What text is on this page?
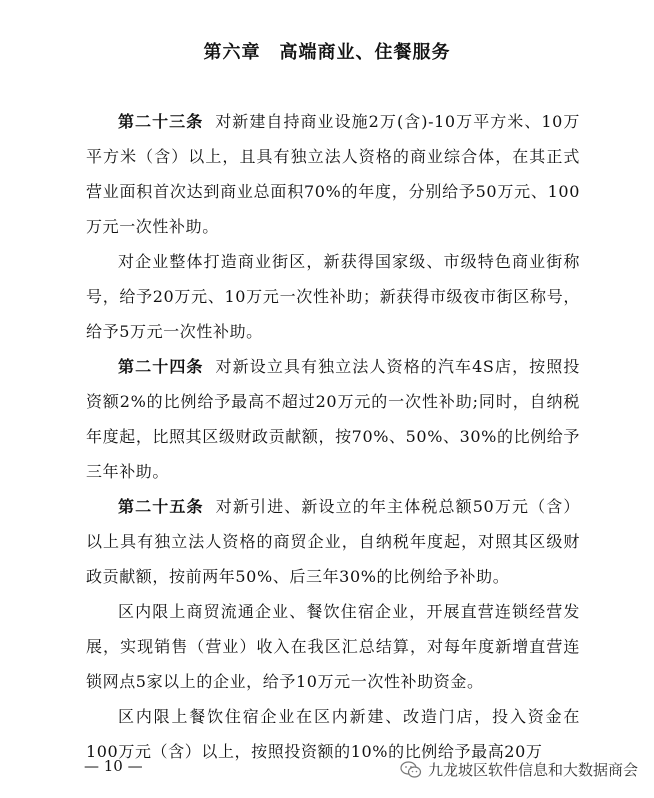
第六章　高端商业、住餐服务

第二十三条 对新建自持商业设施2万(含)-10万平方米、10万平方米（含）以上，且具有独立法人资格的商业综合体，在其正式营业面积首次达到商业总面积70%的年度，分别给予50万元、100万元一次性补助。

对企业整体打造商业街区，新获得国家级、市级特色商业街称号，给予20万元、10万元一次性补助；新获得市级夜市街区称号，给予5万元一次性补助。

第二十四条 对新设立具有独立法人资格的汽车4S店，按照投资额2%的比例给予最高不超过20万元的一次性补助;同时，自纳税年度起，比照其区级财政贡献额，按70%、50%、30%的比例给予三年补助。

第二十五条 对新引进、新设立的年主体税总额50万元（含）以上具有独立法人资格的商贸企业，自纳税年度起，对照其区级财政贡献额，按前两年50%、后三年30%的比例给予补助。

区内限上商贸流通企业、餐饮住宿企业，开展直营连锁经营发展，实现销售（营业）收入在我区汇总结算，对每年度新增直营连锁网点5家以上的企业，给予10万元一次性补助资金。

区内限上餐饮住宿企业在区内新建、改造门店，投入资金在100万元（含）以上，按照投资额的10%的比例给予最高20万

— 10 —	九龙坡区软件信息和大数据商会
